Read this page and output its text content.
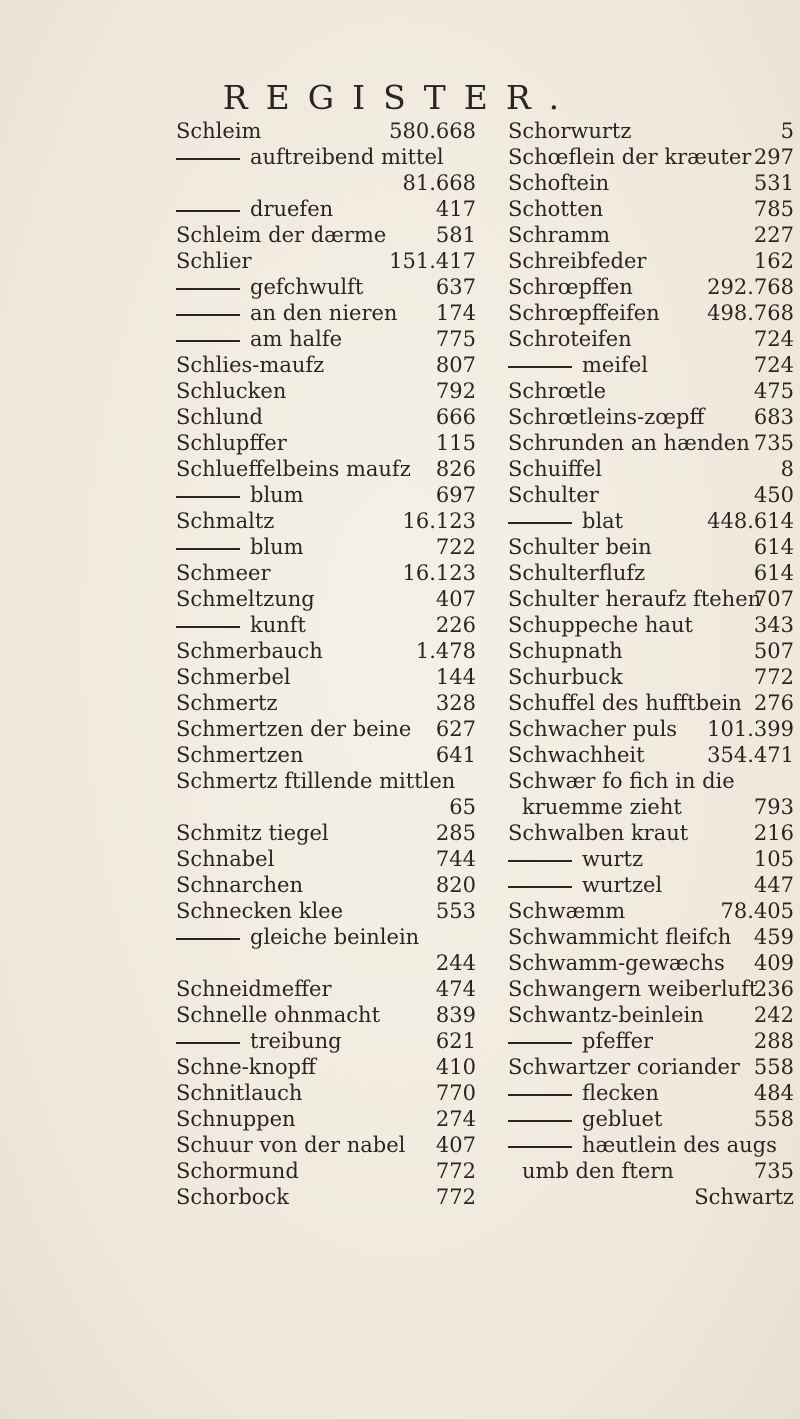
REGISTER.
Schleim	580.668
auftreibend mittel
81.668
druefen	417
Schleim der dærme 581
Schlier	151.417
gefchwulft	637
an den nieren 174
am halfe	775
Schlies-maufz	807
Schlucken	792
Schlund	666
Schlupffer	115
Schlueffelbeins maufz 826
blum	697
Schmaltz	16.123
blum	722
Schmeer	16.123
Schmeltzung	407
kunft	226
Schmerbauch	1.478
Schmerbel	144
Schmertz	328
Schmertzen der beine 627
Schmertzen	641
Schmertz ftillende mittlen
65
Schmitz tiegel	285
Schnabel	744
Schnarchen	820
Schnecken klee	553
gleiche beinlein
244
Schneidmeffer	474
Schnelle ohnmacht	839
treibung	621
Schne-knopff	410
Schnitlauch	770
Schnuppen	274
Schuur von der nabel 407
Schormund	772
Schorbock	772
Schorwurtz	5
Schœflein der kræuter 297
Schoftein	531
Schotten	785
Schramm	227
Schreibfeder	162
Schrœpffen	292.768
Schrœpffeifen 498.768
Schroteifen	724
meifel	724
Schrœtle	475
Schrœtleins-zœpff 683
Schrunden an hænden 735
Schuiffel	8
Schulter	450
blat	448.614
Schulter bein	614
Schulterflufz	614
Schulter heraufz ftehen
707
Schuppeche haut	343
Schupnath	507
Schurbuck	772
Schuffel des hufftbein 276
Schwacher puls 101.399
Schwachheit	354.471
Schwær fo fich in die
kruemme zieht	793
Schwalben kraut	216
wurtz	105
wurtzel	447
Schwæmm	78.405
Schwammicht fleifch 459
Schwamm-gewæchs 409
Schwangern weiberluft
236
Schwantz-beinlein 242
pfeffer	288
Schwartzer coriander 558
flecken	484
gebluet	558
hæutlein des augs
umb den ftern	735
Schwartz
